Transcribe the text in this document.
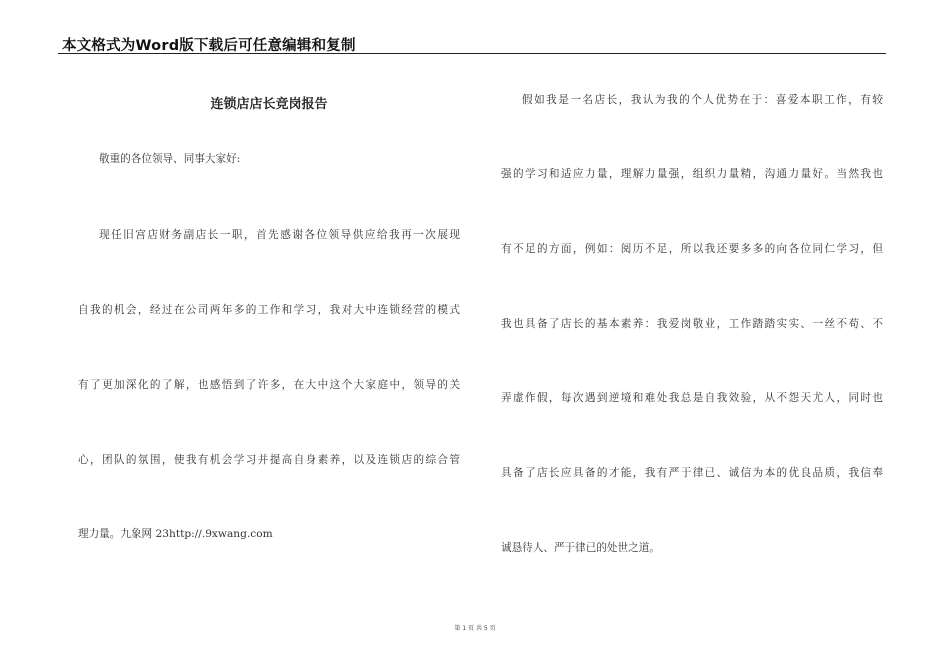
本文格式为Word版下载后可任意编辑和复制
连锁店店长竞岗报告
敬重的各位领导、同事大家好:
现任旧宫店财务副店长一职，首先感谢各位领导供应给我再一次展现
自我的机会，经过在公司两年多的工作和学习，我对大中连锁经营的模式
有了更加深化的了解，也感悟到了许多，在大中这个大家庭中，领导的关
心，团队的氛围，使我有机会学习并提高自身素养，以及连锁店的综合管
理力量。九象网 23http://.9xwang.com
假如我是一名店长，我认为我的个人优势在于：喜爱本职工作，有较
强的学习和适应力量，理解力量强，组织力量精，沟通力量好。当然我也
有不足的方面，例如：阅历不足，所以我还要多多的向各位同仁学习，但
我也具备了店长的基本素养：我爱岗敬业，工作踏踏实实、一丝不苟、不
弄虚作假，每次遇到逆境和难处我总是自我效验，从不怨天尤人，同时也
具备了店长应具备的才能，我有严于律已、诚信为本的优良品质，我信奉
诚恳待人、严于律已的处世之道。
第 1 页 共 5 页
